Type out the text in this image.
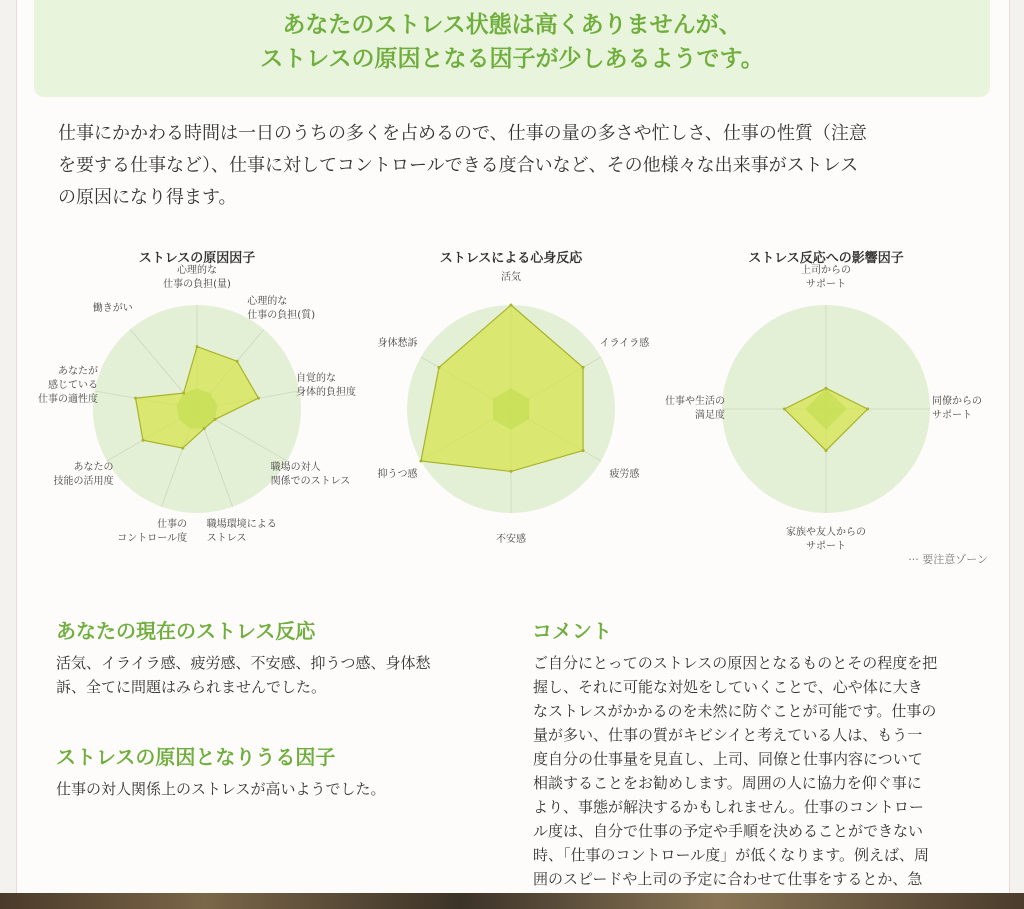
あなたのストレス状態は高くありませんが、
ストレスの原因となる因子が少しあるようです。
仕事にかかわる時間は一日のうちの多くを占めるので、仕事の量の多さや忙しさ、仕事の性質（注意
を要する仕事など）、仕事に対してコントロールできる度合いなど、その他様々な出来事がストレス
の原因になり得ます。
ストレスの原因因子
心理的な
仕事の負担(量)
心理的な
仕事の負担(質)
自覚的な
身体的負担度
職場の対人
関係でのストレス
職場環境による
ストレス
仕事の
コントロール度
あなたの
技能の活用度
あなたが
感じている
仕事の適性度
働きがい
ストレスによる心身反応
活気
イライラ感
疲労感
不安感
抑うつ感
身体愁訴
ストレス反応への影響因子
上司からの
サポート
同僚からの
サポート
家族や友人からの
サポート
仕事や生活の
満足度
··· 要注意ゾーン
あなたの現在のストレス反応
活気、イライラ感、疲労感、不安感、抑うつ感、身体愁
訴、全てに問題はみられませんでした。
ストレスの原因となりうる因子
仕事の対人関係上のストレスが高いようでした。
コメント
ご自分にとってのストレスの原因となるものとその程度を把
握し、それに可能な対処をしていくことで、心や体に大き
なストレスがかかるのを未然に防ぐことが可能です。仕事の
量が多い、仕事の質がキビシイと考えている人は、もう一
度自分の仕事量を見直し、上司、同僚と仕事内容について
相談することをお勧めします。周囲の人に協力を仰ぐ事に
より、事態が解決するかもしれません。仕事のコントロー
ル度は、自分で仕事の予定や手順を決めることができない
時、「仕事のコントロール度」が低くなります。例えば、周
囲のスピードや上司の予定に合わせて仕事をするとか、急
